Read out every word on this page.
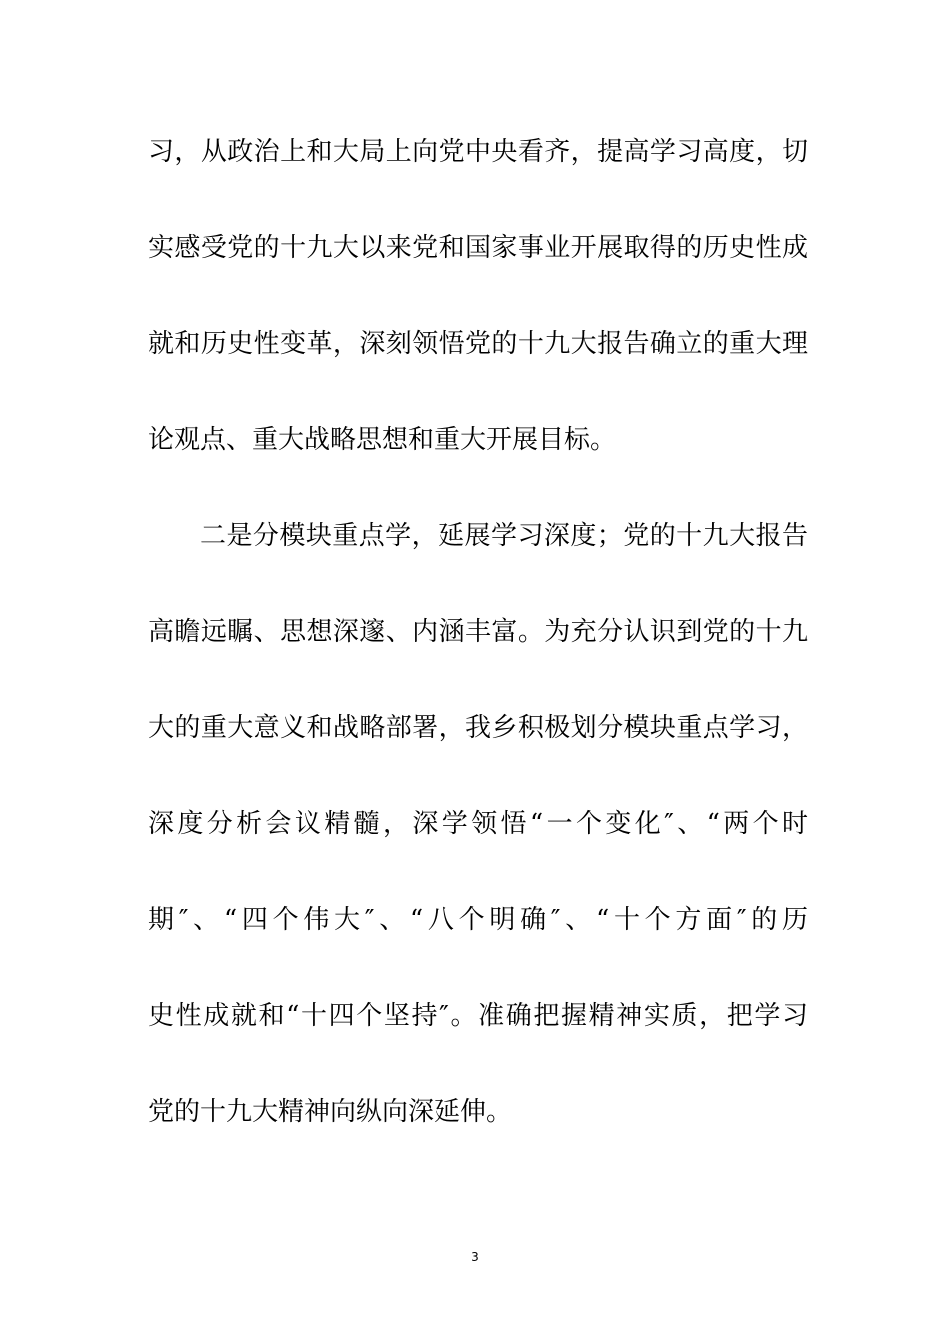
习，从政治上和大局上向党中央看齐，提高学习高度，切
实感受党的十九大以来党和国家事业开展取得的历史性成
就和历史性变革，深刻领悟党的十九大报告确立的重大理
论观点、重大战略思想和重大开展目标。
二是分模块重点学，延展学习深度；党的十九大报告
高瞻远瞩、思想深邃、内涵丰富。为充分认识到党的十九
大的重大意义和战略部署，我乡积极划分模块重点学习，
深度分析会议精髓，深学领悟“一个变化″、“两个时
期″、“四个伟大″、“八个明确″、“十个方面″的历
史性成就和“十四个坚持″。准确把握精神实质，把学习
党的十九大精神向纵向深延伸。
3
